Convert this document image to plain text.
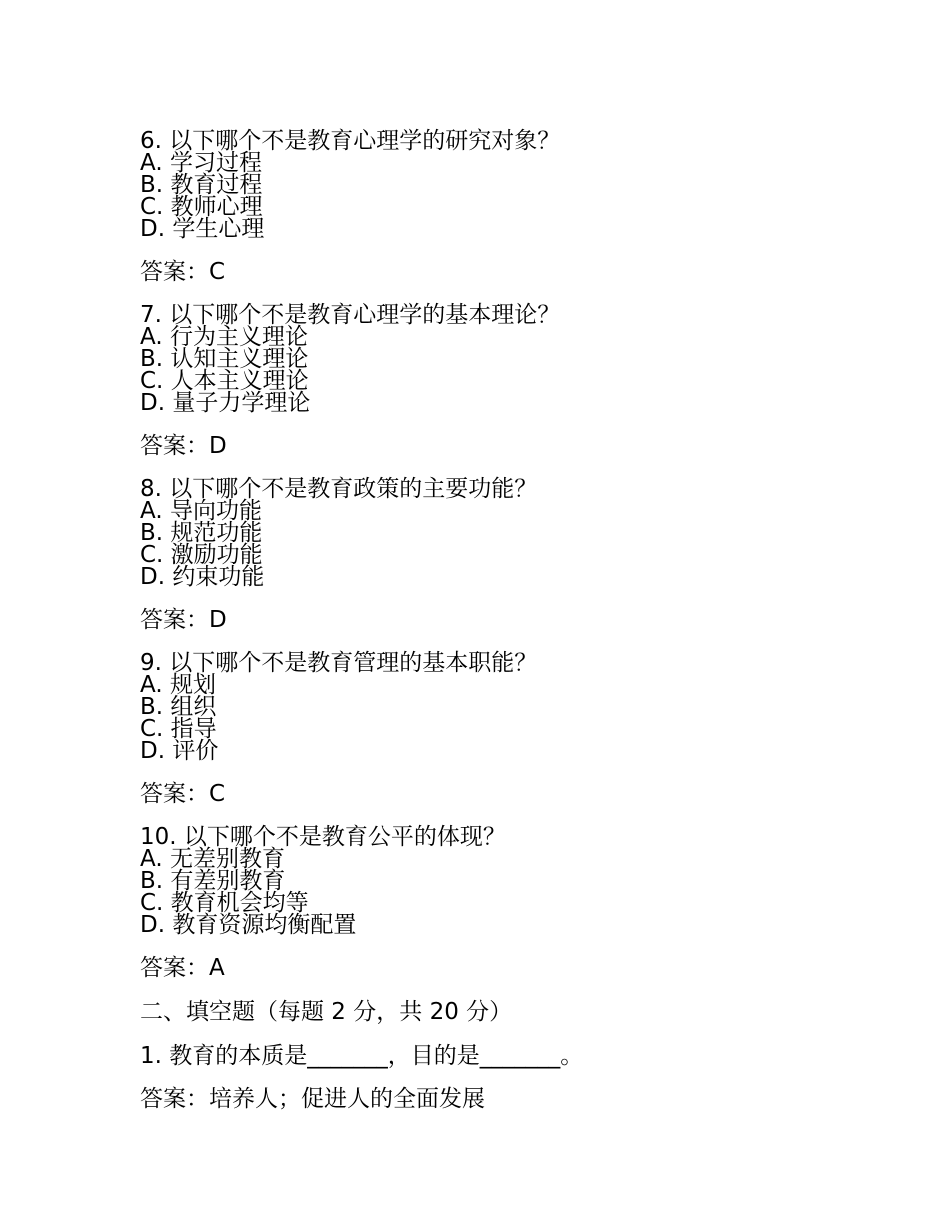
6. 以下哪个不是教育心理学的研究对象？
A. 学习过程
B. 教育过程
C. 教师心理
D. 学生心理
答案：C
7. 以下哪个不是教育心理学的基本理论？
A. 行为主义理论
B. 认知主义理论
C. 人本主义理论
D. 量子力学理论
答案：D
8. 以下哪个不是教育政策的主要功能？
A. 导向功能
B. 规范功能
C. 激励功能
D. 约束功能
答案：D
9. 以下哪个不是教育管理的基本职能？
A. 规划
B. 组织
C. 指导
D. 评价
答案：C
10. 以下哪个不是教育公平的体现？
A. 无差别教育
B. 有差别教育
C. 教育机会均等
D. 教育资源均衡配置
答案：A
二、填空题（每题 2 分，共 20 分）
1. 教育的本质是_______，目的是_______。
答案：培养人；促进人的全面发展
